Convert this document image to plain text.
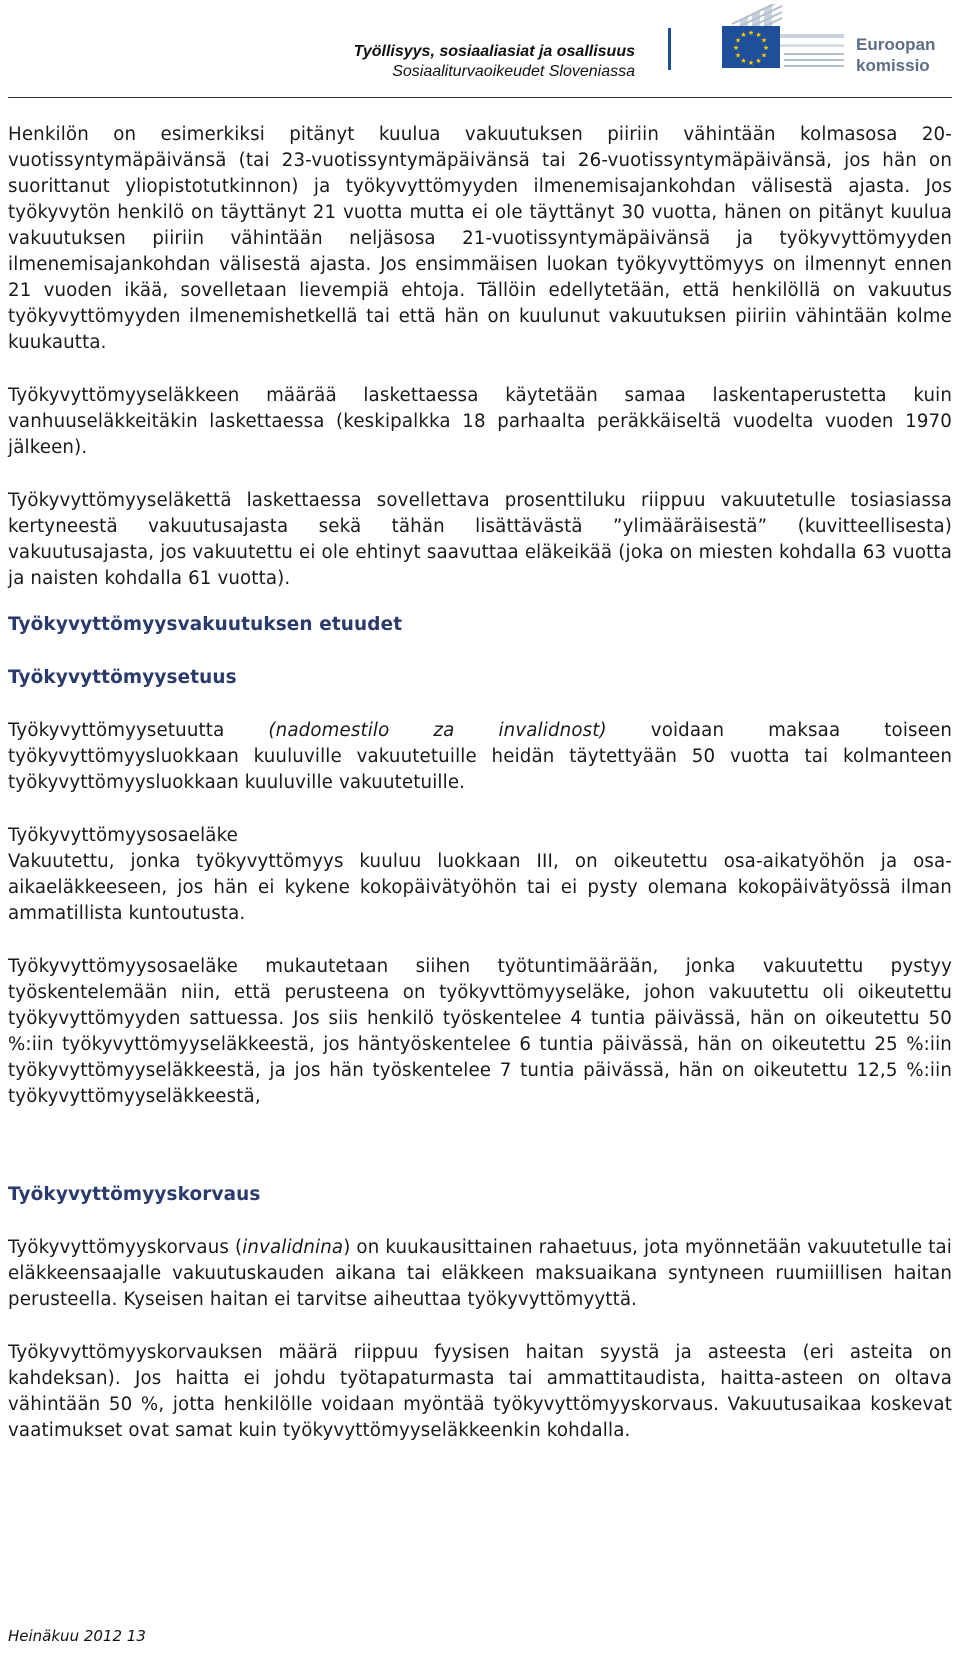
Työllisyys, sosiaaliasiat ja osallisuus
Sosiaaliturvaoikeudet Sloveniassa
★ ★
★
★
★
★
★
★
★
★
★
★	Euroopan
komissio

Henkilön on esimerkiksi pitänyt kuulua vakuutuksen piiriin vähintään kolmasosa 20-vuotissyntymäpäivänsä (tai 23-vuotissyntymäpäivänsä tai 26-vuotissyntymäpäivänsä, jos hän on suorittanut yliopistotutkinnon) ja työkyvyttömyyden ilmenemisajankohdan välisestä ajasta. Jos työkyvytön henkilö on täyttänyt 21 vuotta mutta ei ole täyttänyt 30 vuotta, hänen on pitänyt kuulua vakuutuksen piiriin vähintään neljäsosa 21-vuotissyntymäpäivänsä ja työkyvyttömyyden ilmenemisajankohdan välisestä ajasta. Jos ensimmäisen luokan työkyvyttömyys on ilmennyt ennen 21 vuoden ikää, sovelletaan lievempiä ehtoja. Tällöin edellytetään, että henkilöllä on vakuutus työkyvyttömyyden ilmenemishetkellä tai että hän on kuulunut vakuutuksen piiriin vähintään kolme kuukautta.

Työkyvyttömyyseläkkeen määrää laskettaessa käytetään samaa laskentaperustetta kuin vanhuuseläkkeitäkin laskettaessa (keskipalkka 18 parhaalta peräkkäiseltä vuodelta vuoden 1970 jälkeen).

Työkyvyttömyyseläkettä laskettaessa sovellettava prosenttiluku riippuu vakuutetulle tosiasiassa kertyneestä vakuutusajasta sekä tähän lisättävästä ”ylimääräisestä” (kuvitteellisesta) vakuutusajasta, jos vakuutettu ei ole ehtinyt saavuttaa eläkeikää (joka on miesten kohdalla 63 vuotta ja naisten kohdalla 61 vuotta).

Työkyvyttömyysvakuutuksen etuudet
Työkyvyttömyysetuus

Työkyvyttömyysetuutta (nadomestilo za invalidnost) voidaan maksaa toiseen työkyvyttömyysluokkaan kuuluville vakuutetuille heidän täytettyään 50 vuotta tai kolmanteen työkyvyttömyysluokkaan kuuluville vakuutetuille.

Työkyvyttömyysosaeläke

Vakuutettu, jonka työkyvyttömyys kuuluu luokkaan III, on oikeutettu osa-aikatyöhön ja osa-aikaeläkkeeseen, jos hän ei kykene kokopäivätyöhön tai ei pysty olemana kokopäivätyössä ilman ammatillista kuntoutusta.

Työkyvyttömyysosaeläke mukautetaan siihen työtuntimäärään, jonka vakuutettu pystyy työskentelemään niin, että perusteena on työkyvttömyyseläke, johon vakuutettu oli oikeutettu työkyvyttömyyden sattuessa. Jos siis henkilö työskentelee 4 tuntia päivässä, hän on oikeutettu 50 %:iin työkyvyttömyyseläkkeestä, jos häntyöskentelee 6 tuntia päivässä, hän on oikeutettu 25 %:iin työkyvyttömyyseläkkeestä, ja jos hän työskentelee 7 tuntia päivässä, hän on oikeutettu 12,5 %:iin työkyvyttömyyseläkkeestä,

Työkyvyttömyyskorvaus

Työkyvyttömyyskorvaus (invalidnina) on kuukausittainen rahaetuus, jota myönnetään vakuutetulle tai eläkkeensaajalle vakuutuskauden aikana tai eläkkeen maksuaikana syntyneen ruumiillisen haitan perusteella. Kyseisen haitan ei tarvitse aiheuttaa työkyvyttömyyttä.

Työkyvyttömyyskorvauksen määrä riippuu fyysisen haitan syystä ja asteesta (eri asteita on kahdeksan). Jos haitta ei johdu työtapaturmasta tai ammattitaudista, haitta-asteen on oltava vähintään 50 %, jotta henkilölle voidaan myöntää työkyvyttömyyskorvaus. Vakuutusaikaa koskevat vaatimukset ovat samat kuin työkyvyttömyyseläkkeenkin kohdalla.

Heinäkuu 2012 13
